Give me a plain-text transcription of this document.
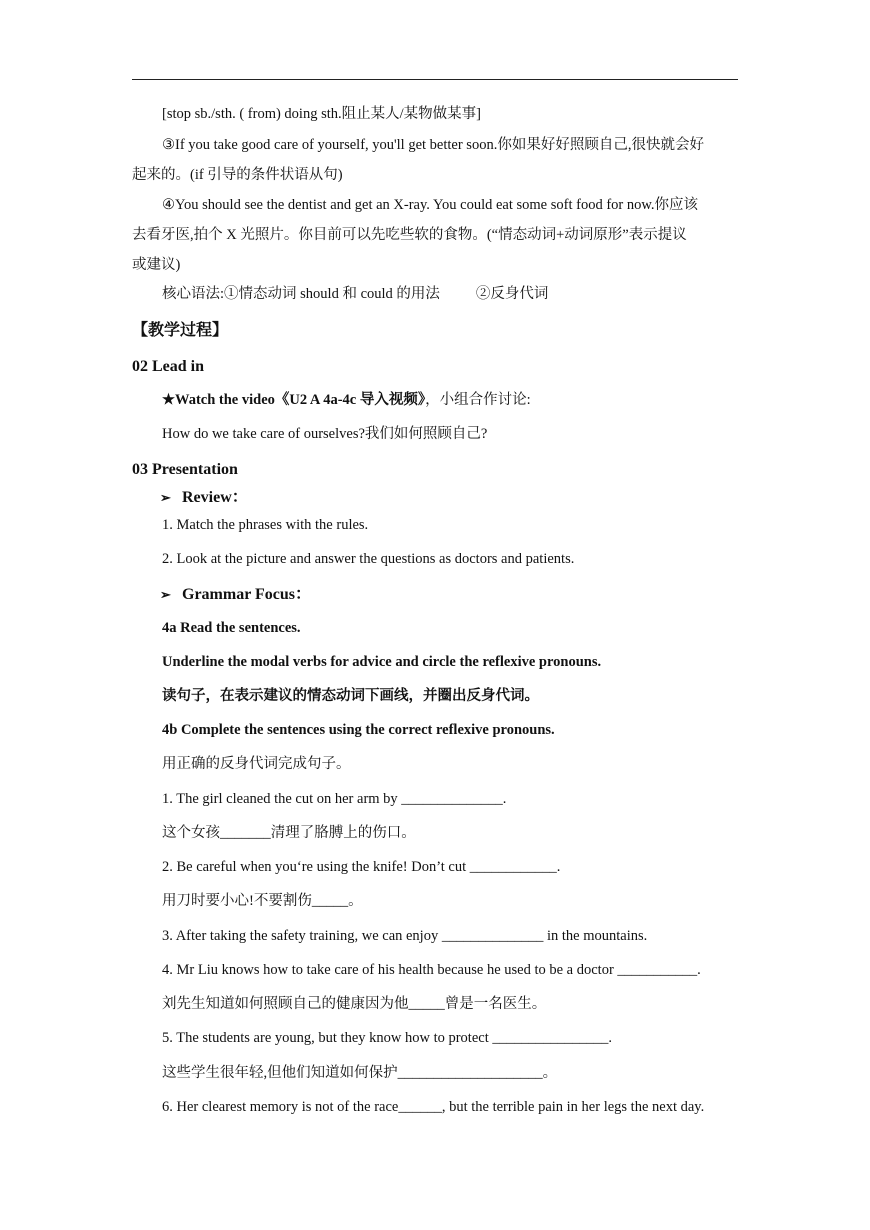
[stop sb./sth. ( from) doing sth.阻止某人/某物做某事]
③If you take good care of yourself, you'll get better soon.你如果好好照顾自己,很快就会好
起来的。(if 引导的条件状语从句)
④You should see the dentist and get an X-ray. You could eat some soft food for now.你应该
去看牙医,拍个 X 光照片。你目前可以先吃些软的食物。(“情态动词+动词原形”表示提议
或建议)
核心语法:①情态动词 should 和 could 的用法 ②反身代词
【教学过程】
02 Lead in
★Watch the video《U2 A 4a-4c 导入视频》，小组合作讨论:
How do we take care of ourselves?我们如何照顾自己?
03 Presentation
➢ Review：
1. Match the phrases with the rules.
2. Look at the picture and answer the questions as doctors and patients.
➢ Grammar Focus：
4a Read the sentences.
Underline the modal verbs for advice and circle the reflexive pronouns.
读句子，在表示建议的情态动词下画线，并圈出反身代词。
4b Complete the sentences using the correct reflexive pronouns.
用正确的反身代词完成句子。
1. The girl cleaned the cut on her arm by ______________.
这个女孩_______清理了胳膊上的伤口。
2. Be careful when you‘re using the knife! Don’t cut ____________.
用刀时要小心!不要割伤_____。
3. After taking the safety training, we can enjoy ______________ in the mountains.
4. Mr Liu knows how to take care of his health because he used to be a doctor ___________.
刘先生知道如何照顾自己的健康因为他_____曾是一名医生。
5. The students are young, but they know how to protect ________________.
这些学生很年轻,但他们知道如何保护____________________。
6. Her clearest memory is not of the race______, but the terrible pain in her legs the next day.
